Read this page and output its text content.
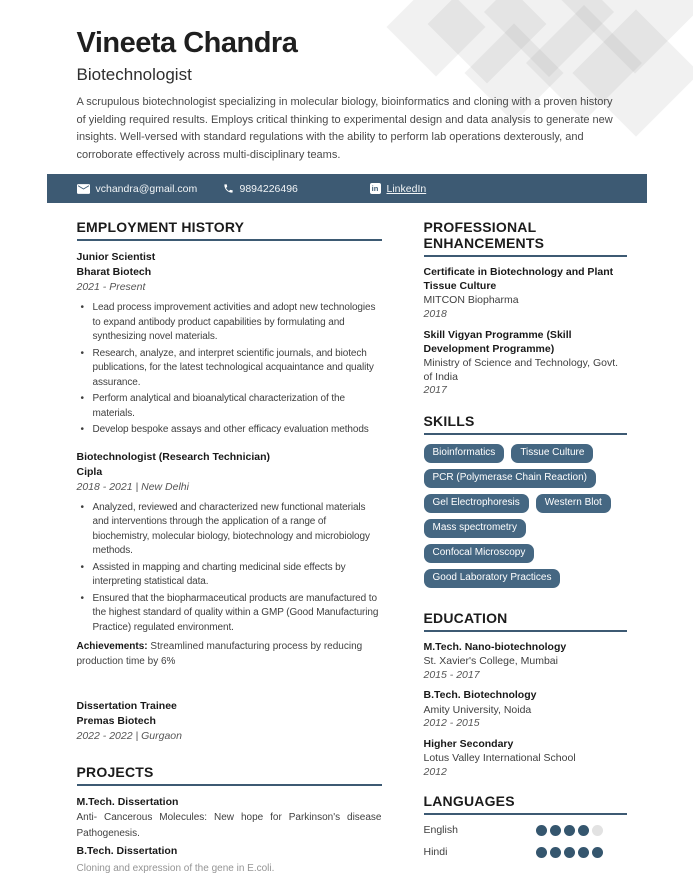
Vineeta Chandra
Biotechnologist

A scrupulous biotechnologist specializing in molecular biology, bioinformatics and cloning with a proven history of yielding required results. Employs critical thinking to experimental design and data analysis to generate new insights. Well-versed with standard regulations with the ability to perform lab operations dexterously, and corroborate effectively across multi-disciplinary teams.

vchandra@gmail.com	9894226496	in LinkedIn
EMPLOYMENT HISTORY
Junior Scientist
Bharat Biotech
2021 - Present
• Lead process improvement activities and adopt new technologies to expand antibody product capabilities by formulating and synthesizing novel materials.
• Research, analyze, and interpret scientific journals, and biotech publications, for the latest technological acquaintance and quality assurance.
• Perform analytical and bioanalytical characterization of the materials.
• Develop bespoke assays and other efficacy evaluation methods
Biotechnologist (Research Technician)
Cipla
2018 - 2021 | New Delhi
• Analyzed, reviewed and characterized new functional materials and interventions through the application of a range of biochemistry, molecular biology, biotechnology and microbiology methods.
• Assisted in mapping and charting medicinal side effects by interpreting statistical data.
• Ensured that the biopharmaceutical products are manufactured to the highest standard of quality within a GMP (Good Manufacturing Practice) regulated environment.

Achievements: Streamlined manufacturing process by reducing production time by 6%

Dissertation Trainee
Premas Biotech
2022 - 2022 | Gurgaon
PROJECTS
M.Tech. Dissertation

Anti- Cancerous Molecules: New hope for Parkinson's disease Pathogenesis.

B.Tech. Dissertation

Cloning and expression of the gene in E.coli.

PROFESSIONAL ENHANCEMENTS
Certificate in Biotechnology and Plant Tissue Culture
MITCON Biopharma
2018
Skill Vigyan Programme (Skill Development Programme)
Ministry of Science and Technology, Govt. of India
2017
SKILLS
Bioinformatics	Tissue Culture
PCR (Polymerase Chain Reaction)
Gel Electrophoresis	Western Blot
Mass spectrometry
Confocal Microscopy
Good Laboratory Practices
EDUCATION
M.Tech. Nano-biotechnology
St. Xavier's College, Mumbai
2015 - 2017
B.Tech. Biotechnology
Amity University, Noida
2012 - 2015
Higher Secondary
Lotus Valley International School
2012
LANGUAGES
English
Hindi
